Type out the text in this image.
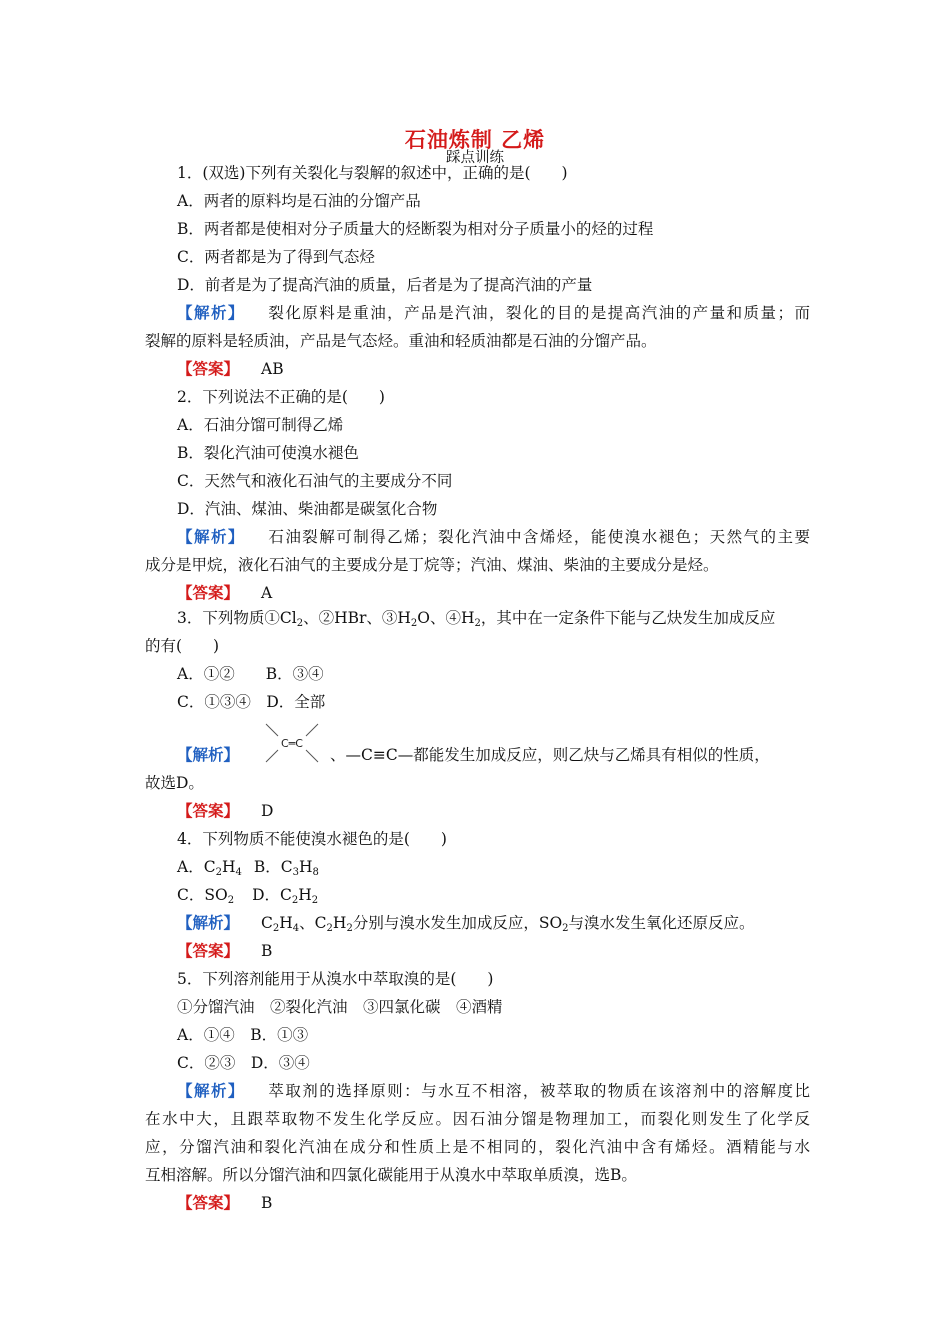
石油炼制 乙烯
踩点训练
1．(双选)下列有关裂化与裂解的叙述中，正确的是(　　)
A．两者的原料均是石油的分馏产品
B．两者都是使相对分子质量大的烃断裂为相对分子质量小的烃的过程
C．两者都是为了得到气态烃
D．前者是为了提高汽油的质量，后者是为了提高汽油的产量
【解析】 裂化原料是重油，产品是汽油，裂化的目的是提高汽油的产量和质量；而
裂解的原料是轻质油，产品是气态烃。重油和轻质油都是石油的分馏产品。
【答案】 AB
2．下列说法不正确的是(　　)
A．石油分馏可制得乙烯
B．裂化汽油可使溴水褪色
C．天然气和液化石油气的主要成分不同
D．汽油、煤油、柴油都是碳氢化合物
【解析】 石油裂解可制得乙烯；裂化汽油中含烯烃，能使溴水褪色；天然气的主要
成分是甲烷，液化石油气的主要成分是丁烷等；汽油、煤油、柴油的主要成分是烃。
【答案】 A
3．下列物质$①Cl_2$、②HBr、$③H_2O$、$④H_2$，其中在一定条件下能与乙炔发生加成反应
的有(　　)
A．①②　　B．③④
C．①③④　D．全部
C═C
【解析】	、—C≡C—都能发生加成反应，则乙炔与乙烯具有相似的性质，
故选D。
【答案】 D
4．下列物质不能使溴水褪色的是(　　)
A．$C_2H_4$ B．$C_3H_8$
C．$SO_2$ D．$C_2H_2$
【解析】 $C_2H_4$、$C_2H_2$分别与溴水发生加成反应，$SO_2$与溴水发生氧化还原反应。
【答案】 B
5．下列溶剂能用于从溴水中萃取溴的是(　　)
①分馏汽油　②裂化汽油　③四氯化碳　④酒精
A．①④　B．①③
C．②③　D．③④
【解析】 萃取剂的选择原则：与水互不相溶，被萃取的物质在该溶剂中的溶解度比
在水中大，且跟萃取物不发生化学反应。因石油分馏是物理加工，而裂化则发生了化学反
应，分馏汽油和裂化汽油在成分和性质上是不相同的，裂化汽油中含有烯烃。酒精能与水
互相溶解。所以分馏汽油和四氯化碳能用于从溴水中萃取单质溴，选B。
【答案】 B
